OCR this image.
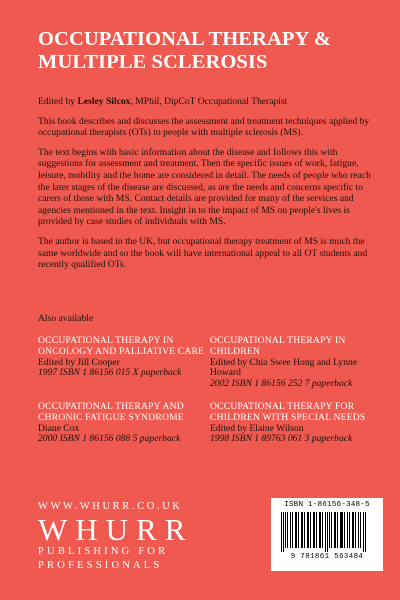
OCCUPATIONAL THERAPY &
MULTIPLE SCLEROSIS

Edited by Lesley Silcox, MPhil, DipCoT Occupational Therapist

This book describes and discusses the assessment and treatment techniques applied by occupational therapists (OTs) to people with multiple sclerosis (MS).

The text begins with basic information about the disease and follows this with suggestions for assessment and treatment. Then the specific issues of work, fatigue, leisure, mobility and the home are considered in detail. The needs of people who reach the later stages of the disease are discussed, as are the needs and concerns specific to carers of those with MS. Contact details are provided for many of the services and agencies mentioned in the text. Insight in to the impact of MS on people's lives is provided by case studies of individuals with MS.

The author is based in the UK, but occupational therapy treatment of MS is much the same worldwide and so the book will have international appeal to all OT students and recently qualified OTs.

Also available
OCCUPATIONAL THERAPY IN ONCOLOGY AND PALLIATIVE CARE
Edited by Jill Cooper
1997 ISBN 1 86156 015 X paperback
OCCUPATIONAL THERAPY AND CHRONIC FATIGUE SYNDROME
Diane Cox
2000 ISBN 1 86156 088 5 paperback
OCCUPATIONAL THERAPY IN CHILDREN
Edited by Chia Swee Hong and Lynne Howard
2002 ISBN 1 86156 252 7 paperback
OCCUPATIONAL THERAPY FOR CHILDREN WITH SPECIAL NEEDS
Edited by Elaine Wilson
1998 ISBN 1 89763 061 3 paperback
WWW.WHURR.CO.UK
WHURR
PUBLISHING FOR
PROFESSIONALS
ISBN 1-86156-348-5
9 781861 563484
